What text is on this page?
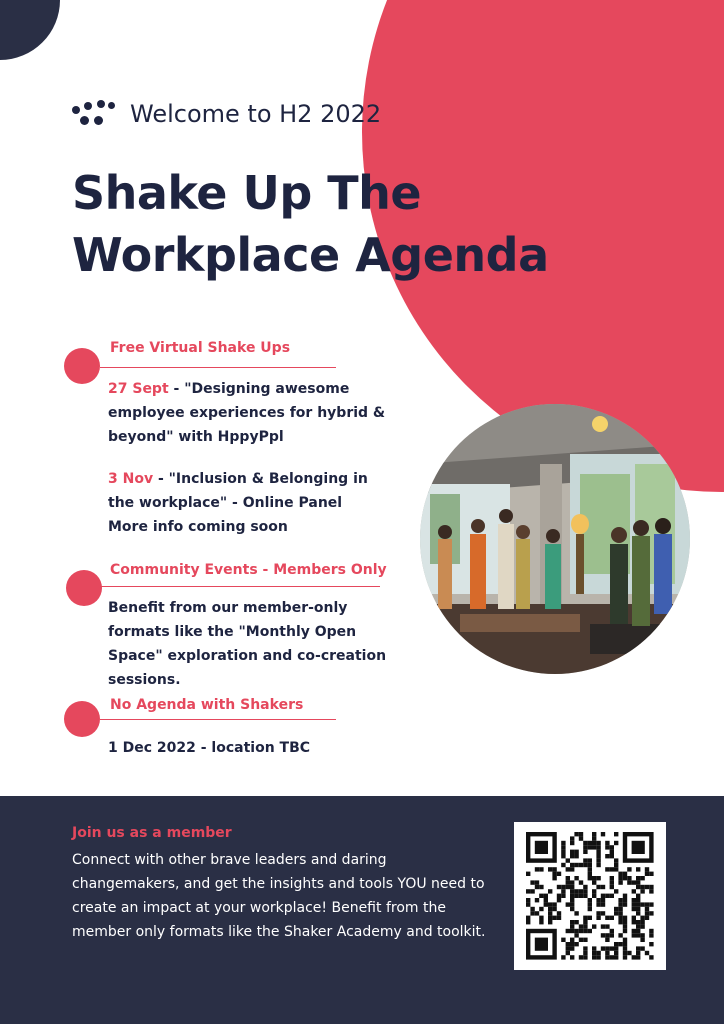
Welcome to H2 2022
Shake Up The
Workplace Agenda
Free Virtual Shake Ups
27 Sept - "Designing awesome employee experiences for hybrid & beyond" with HppyPpl
3 Nov - "Inclusion & Belonging in the workplace" - Online Panel
More info coming soon
Community Events - Members Only
Benefit from our member-only formats like the "Monthly Open Space" exploration and co-creation sessions.
No Agenda with Shakers
1 Dec 2022 - location TBC
Join us as a member
Connect with other brave leaders and daring changemakers, and get the insights and tools YOU need to create an impact at your workplace! Benefit from the member only formats like the Shaker Academy and toolkit.
